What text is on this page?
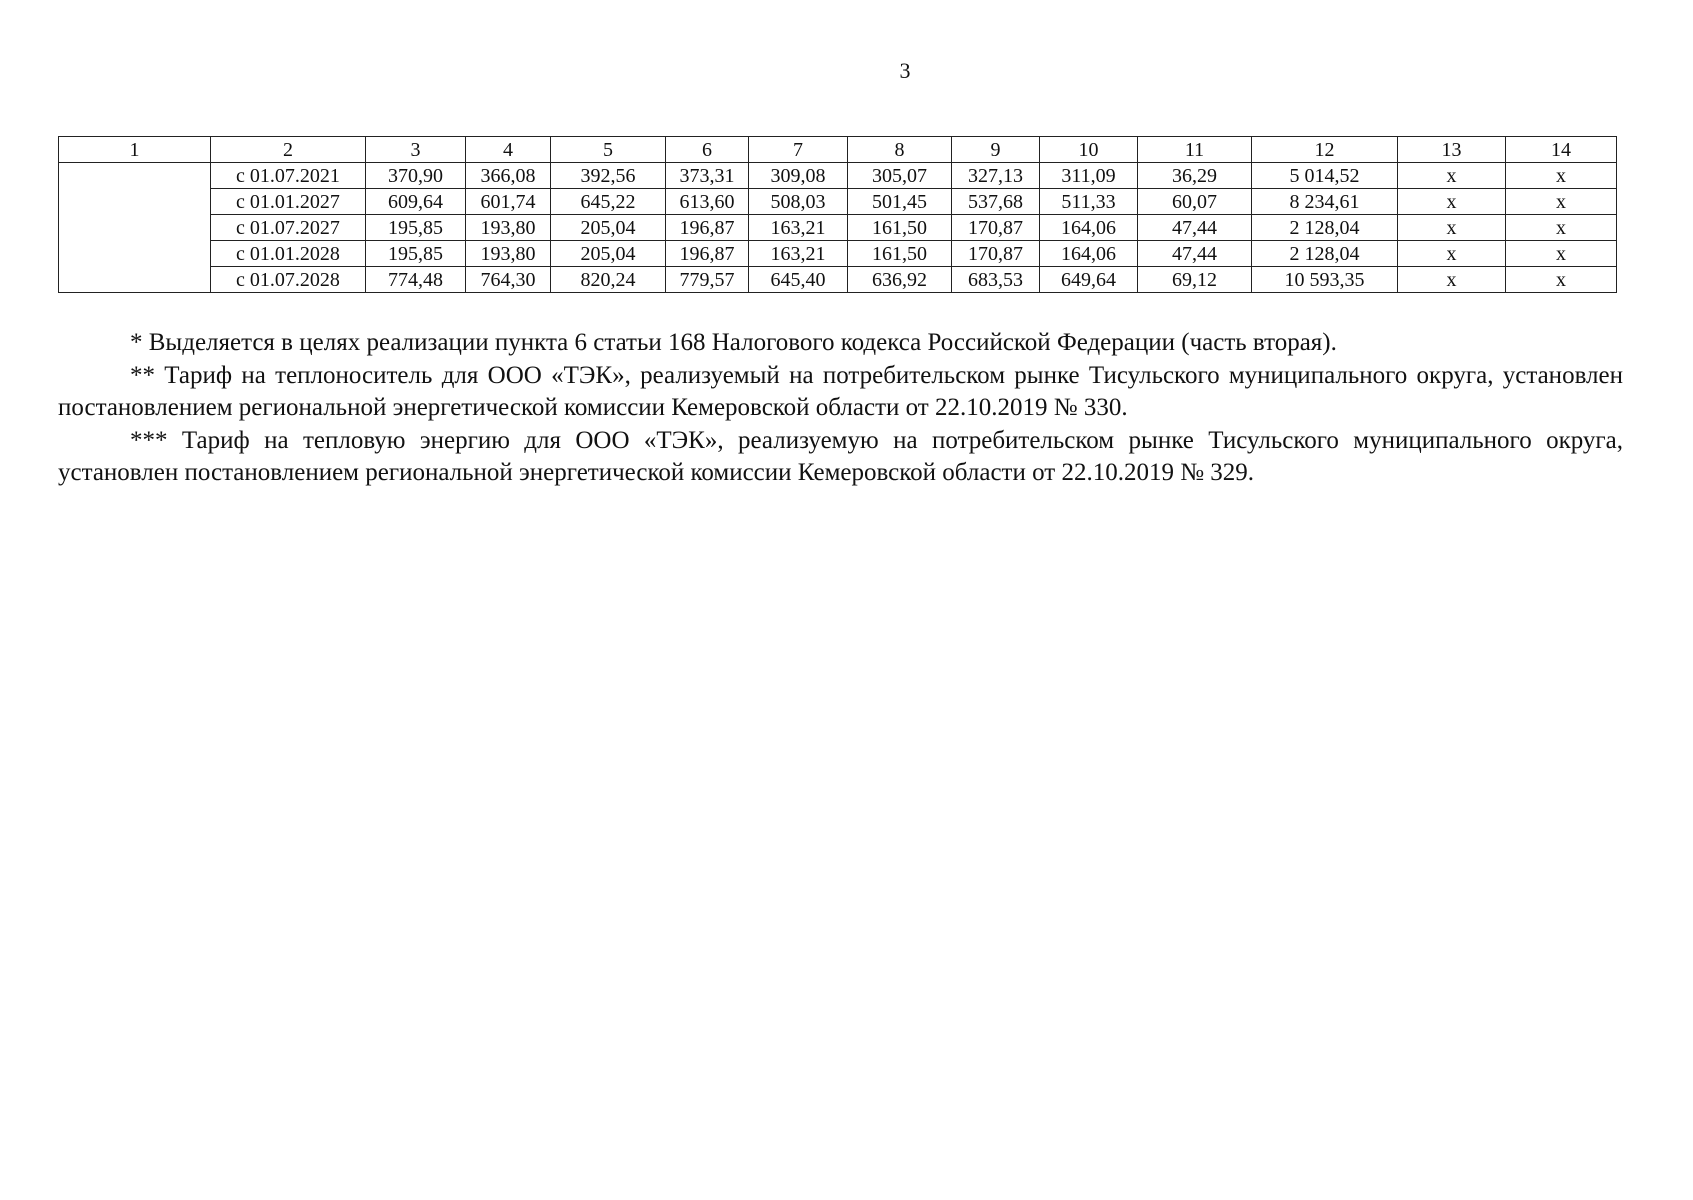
3
1	2	3	4	5	6	7	8	9	10	11	12	13	14
	с 01.07.2021	370,90	366,08	392,56	373,31	309,08	305,07	327,13	311,09	36,29	5 014,52	х	х
	с 01.01.2027	609,64	601,74	645,22	613,60	508,03	501,45	537,68	511,33	60,07	8 234,61	х	х
	с 01.07.2027	195,85	193,80	205,04	196,87	163,21	161,50	170,87	164,06	47,44	2 128,04	х	х
	с 01.01.2028	195,85	193,80	205,04	196,87	163,21	161,50	170,87	164,06	47,44	2 128,04	х	х
	с 01.07.2028	774,48	764,30	820,24	779,57	645,40	636,92	683,53	649,64	69,12	10 593,35	х	х

* Выделяется в целях реализации пункта 6 статьи 168 Налогового кодекса Российской Федерации (часть вторая).

** Тариф на теплоноситель для ООО «ТЭК», реализуемый на потребительском рынке Тисульского муниципального округа, установлен постановлением региональной энергетической комиссии Кемеровской области от 22.10.2019 № 330.

*** Тариф на тепловую энергию для ООО «ТЭК», реализуемую на потребительском рынке Тисульского муниципального округа, установлен постановлением региональной энергетической комиссии Кемеровской области от 22.10.2019 № 329.
